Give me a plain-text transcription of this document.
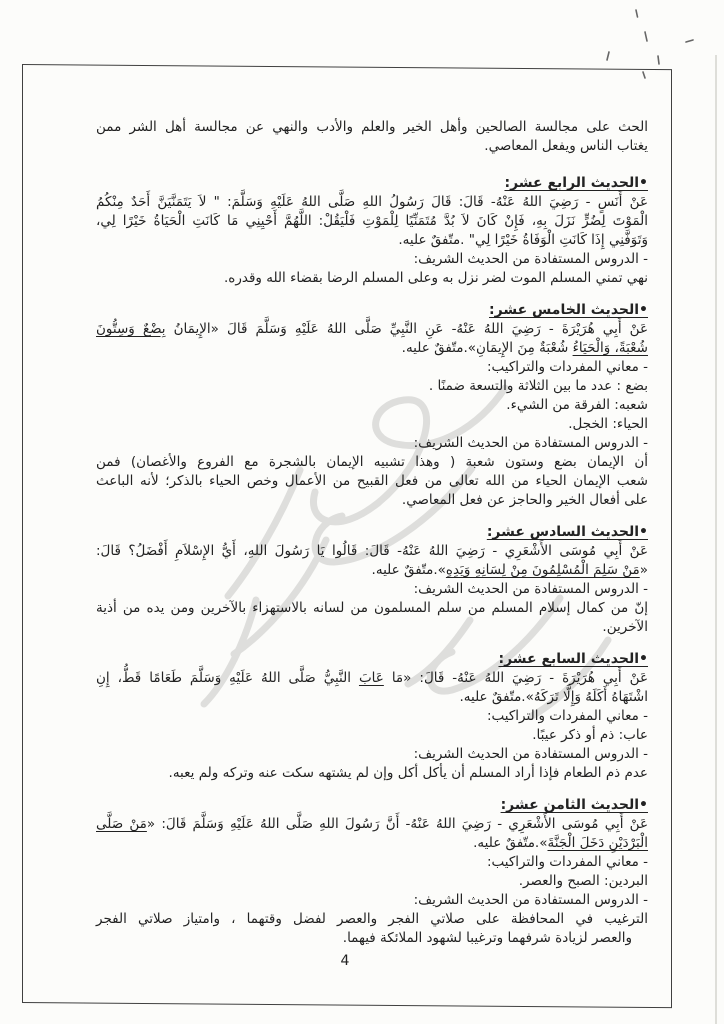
الحث على مجالسة الصالحين وأهل الخير والعلم والأدب والنهي عن مجالسة أهل الشر ممن
يغتاب الناس ويفعل المعاصي.
•الحديث الرابع عشر:
عَنْ أَنَسٍ - رَضِيَ اللهُ عَنْهُ- قَالَ: قَالَ رَسُولُ اللهِ صَلَّى اللهُ عَلَيْهِ وَسَلَّمَ: " لاَ يَتَمَنَّيَنَّ أَحَدٌ مِنْكُمُ
الْمَوْتَ لِضُرٍّ نَزَلَ بِهِ، فَإِنْ كَانَ لاَ بُدَّ مُتَمَنِّيًا لِلْمَوْتِ فَلْيَقُلْ: اللَّهُمَّ أَحْيِنِي مَا كَانَتِ الْحَيَاةُ خَيْرًا لِي،
وَتَوَفَّنِي إِذَا كَانَتِ الْوَفَاةُ خَيْرًا لِي" .متّفقٌ عليه.
- الدروس المستفادة من الحديث الشريف:
نهي تمني المسلم الموت لضر نزل به وعلى المسلم الرضا بقضاء الله وقدره.
•الحديث الخامس عشر:
عَنْ أَبِي هُرَيْرَةَ - رَضِيَ اللهُ عَنْهُ- عَنِ النَّبِيِّ صَلَّى اللهُ عَلَيْهِ وَسَلَّمَ قَالَ «الإِيمَانُ بِضْعٌ وَسِتُّونَ
شُعْبَةً، وَالْحَيَاءُ شُعْبَةٌ مِنَ الإِيمَانِ».متّفقٌ عليه.
- معاني المفردات والتراكيب:
بضع : عدد ما بين الثلاثة والتسعة ضمنًا .
شعبه: الفرقة من الشيء.
الحياء: الخجل.
- الدروس المستفادة من الحديث الشريف:
أن الإيمان بضع وستون شعبة ( وهذا تشبيه الإيمان بالشجرة مع الفروع والأغصان) فمن
شعب الإيمان الحياء من الله تعالى من فعل القبيح من الأعمال وخص الحياء بالذكر؛ لأنه الباعث
على أفعال الخير والحاجز عن فعل المعاصي.
•الحديث السادس عشر:
عَنْ أَبِي مُوسَى الأَشْعَرِي - رَضِيَ اللهُ عَنْهُ- قَالَ: قَالُوا يَا رَسُولَ اللهِ، أَيُّ الإِسْلاَمِ أَفْضَلُ؟ قَالَ:
«مَنْ سَلِمَ الْمُسْلِمُونَ مِنْ لِسَانِهِ وَيَدِهِ».متّفقٌ عليه.
- الدروس المستفادة من الحديث الشريف:
إنّ من كمال إسلام المسلم من سلم المسلمون من لسانه بالاستهزاء بالآخرين ومن يده من أذية
الآخرين.
•الحديث السابع عشر:
عَنْ أَبِي هُرَيْرَةَ - رَضِيَ اللهُ عَنْهُ- قَالَ: «مَا عَابَ النَّبِيُّ صَلَّى اللهُ عَلَيْهِ وَسَلَّمَ طَعَامًا قَطُّ، إِنِ
اشْتَهَاهُ أَكَلَهُ وَإِلَّا تَرَكَهُ».متّفقٌ عليه.
- معاني المفردات والتراكيب:
عاب: ذم أو ذكر عيبًا.
- الدروس المستفادة من الحديث الشريف:
عدم ذم الطعام فإذا أراد المسلم أن يأكل أكل وإن لم يشتهه سكت عنه وتركه ولم يعبه.
•الحديث الثامن عشر:
عَنْ أَبِي مُوسَى الأَشْعَرِي - رَضِيَ اللهُ عَنْهُ- أَنَّ رَسُولَ اللهِ صَلَّى اللهُ عَلَيْهِ وَسَلَّمَ قَالَ: «مَنْ صَلَّى
الْبَرْدَيْنِ دَخَلَ الْجَنَّةَ».متّفقٌ عليه.
- معاني المفردات والتراكيب:
البردين: الصبح والعصر.
- الدروس المستفادة من الحديث الشريف:
الترغيب في المحافظة على صلاتي الفجر والعصر لفضل وقتهما ، وامتياز صلاتي الفجر
والعصر لزيادة شرفهما وترغيبا لشهود الملائكة فيهما.
4
